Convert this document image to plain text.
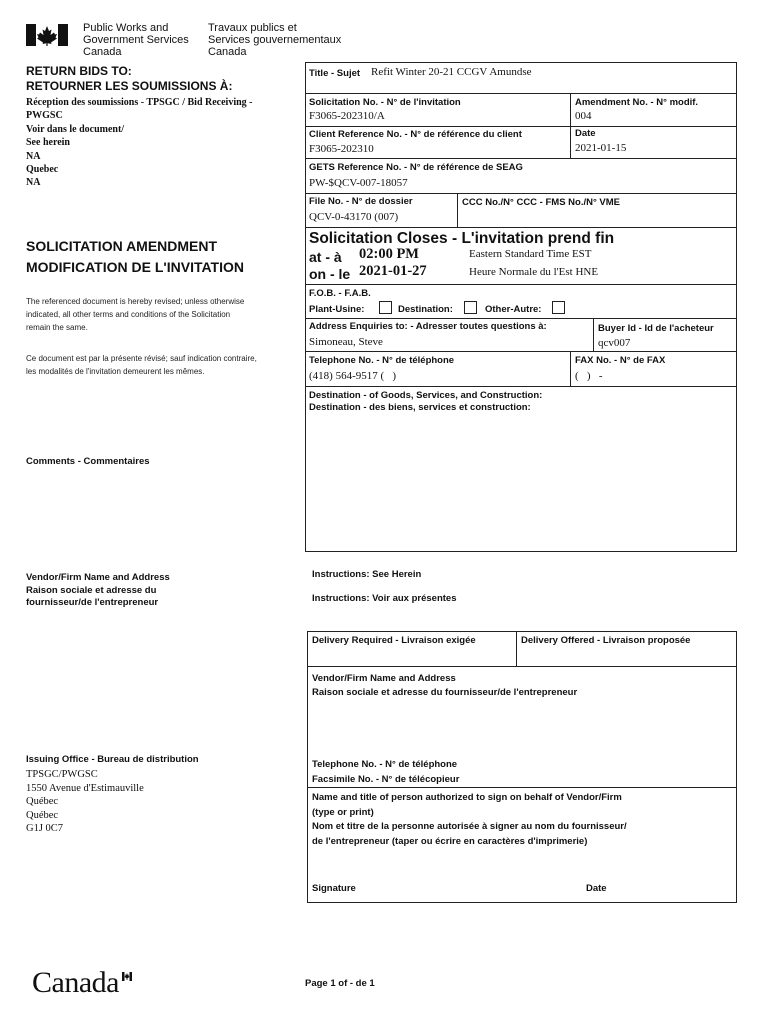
Public Works and
Government Services
Canada
Travaux publics et
Services gouvernementaux
Canada
RETURN BIDS TO:
RETOURNER LES SOUMISSIONS À:
Réception des soumissions - TPSGC / Bid Receiving -
PWGSC
Voir dans le document/
See herein
NA
Quebec
NA
SOLICITATION AMENDMENT
MODIFICATION DE L'INVITATION
The referenced document is hereby revised; unless otherwise
indicated, all other terms and conditions of the Solicitation
remain the same.
Ce document est par la présente révisé; sauf indication contraire,
les modalités de l'invitation demeurent les mêmes.
Comments - Commentaires
Vendor/Firm Name and Address
Raison sociale et adresse du
fournisseur/de l'entrepreneur
Issuing Office - Bureau de distribution
TPSGC/PWGSC
1550 Avenue d'Estimauville
Québec
Québec
G1J 0C7
Title - Sujet Refit Winter 20-21 CCGV Amundse
Solicitation No. - N° de l'invitation
F3065-202310/A
Amendment No. - N° modif.
004
Client Reference No. - N° de référence du client
F3065-202310
Date
2021-01-15
GETS Reference No. - N° de référence de SEAG
PW-$QCV-007-18057
File No. - N° de dossier
QCV-0-43170 (007)
CCC No./N° CCC - FMS No./N° VME
Solicitation Closes - L'invitation prend fin
at - à 02:00 PM
on - le 2021-01-27
Eastern Standard Time EST
Heure Normale du l'Est HNE
F.O.B. - F.A.B.
Plant-Usine:	Destination:	Other-Autre:
Address Enquiries to: - Adresser toutes questions à:
Simoneau, Steve
Buyer Id - Id de l'acheteur
qcv007
Telephone No. - N° de téléphone
(418) 564-9517 (   )
FAX No. - N° de FAX
(   )   -
Destination - of Goods, Services, and Construction:
Destination - des biens, services et construction:
Instructions: See Herein
Instructions: Voir aux présentes
Delivery Required - Livraison exigée	Delivery Offered - Livraison proposée
Vendor/Firm Name and Address
Raison sociale et adresse du fournisseur/de l'entrepreneur
Telephone No. - N° de téléphone
Facsimile No. - N° de télécopieur
Name and title of person authorized to sign on behalf of Vendor/Firm
(type or print)
Nom et titre de la personne autorisée à signer au nom du fournisseur/
de l'entrepreneur (taper ou écrire en caractères d'imprimerie)
Signature	Date
Canada	Page 1 of - de 1
